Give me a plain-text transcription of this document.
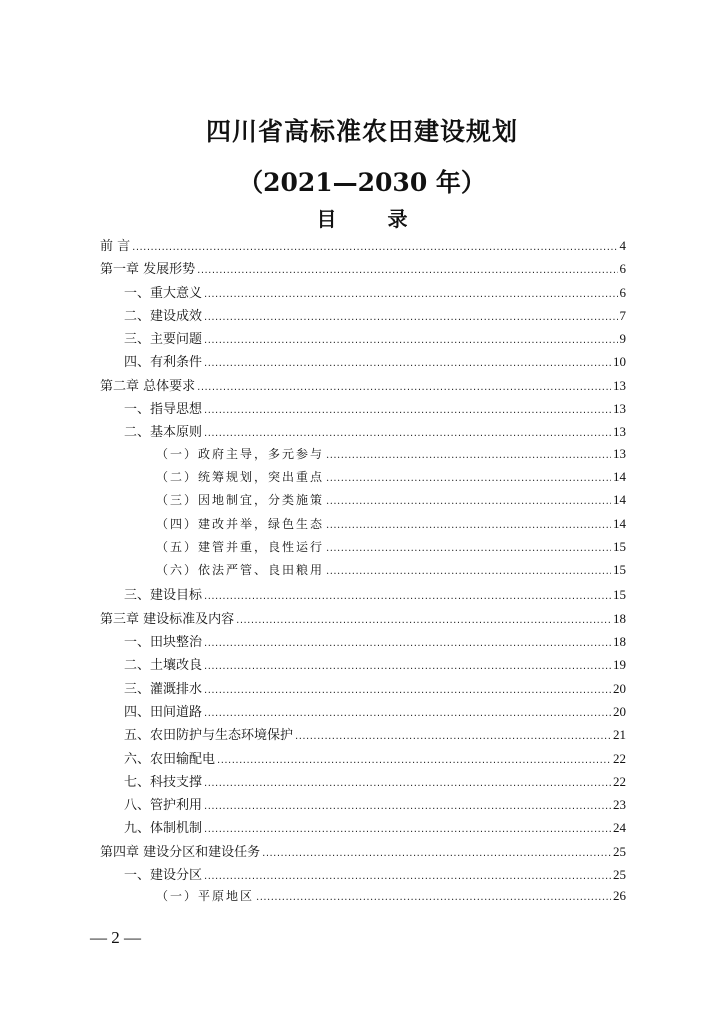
四川省高标准农田建设规划
（2021—2030 年）
目 录
前 言 .....	4
第一章 发展形势 .....	6
一、重大意义 .....	6
二、建设成效 .....	7
三、主要问题 .....	9
四、有利条件 .....	10
第二章 总体要求 .....	13
一、指导思想 .....	13
二、基本原则 .....	13
（一）政府主导，多元参与 .....	13
（二）统筹规划，突出重点 .....	14
（三）因地制宜，分类施策 .....	14
（四）建改并举，绿色生态 .....	14
（五）建管并重，良性运行 .....	15
（六）依法严管、良田粮用 .....	15
三、建设目标 .....	15
第三章 建设标准及内容 .....	18
一、田块整治 .....	18
二、土壤改良 .....	19
三、灌溉排水 .....	20
四、田间道路 .....	20
五、农田防护与生态环境保护 .....	21
六、农田输配电 .....	22
七、科技支撑 .....	22
八、管护利用 .....	23
九、体制机制 .....	24
第四章 建设分区和建设任务 .....	25
一、建设分区 .....	25
（一）平原地区 .....	26
— 2 —
